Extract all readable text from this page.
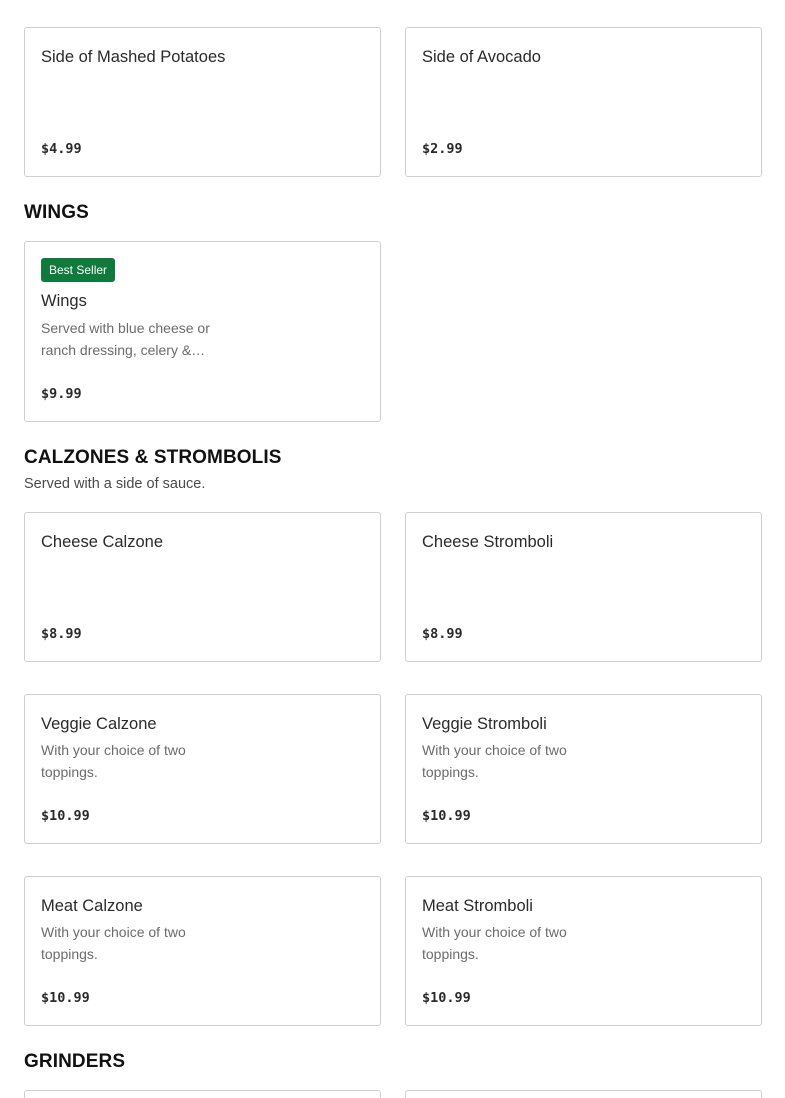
Side of Mashed Potatoes
$4.99
Side of Avocado
$2.99
WINGS
Best Seller
Wings
Served with blue cheese or ranch dressing, celery &…
$9.99
CALZONES & STROMBOLIS
Served with a side of sauce.
Cheese Calzone
$8.99
Cheese Stromboli
$8.99
Veggie Calzone
With your choice of two toppings.
$10.99
Veggie Stromboli
With your choice of two toppings.
$10.99
Meat Calzone
With your choice of two toppings.
$10.99
Meat Stromboli
With your choice of two toppings.
$10.99
GRINDERS
